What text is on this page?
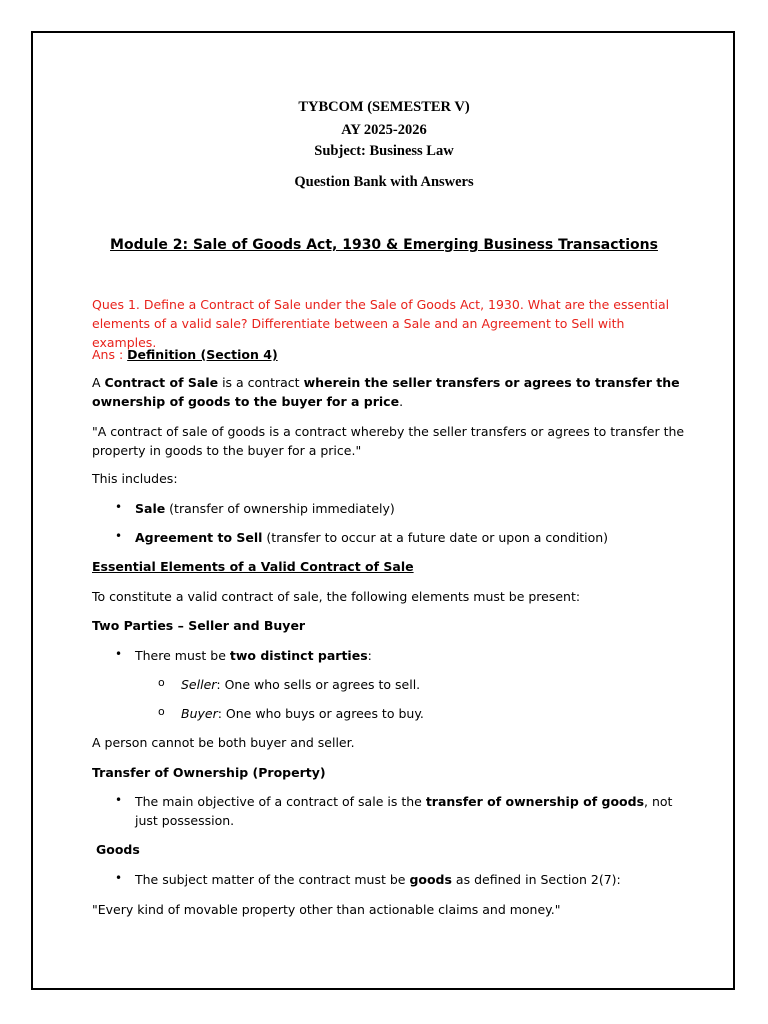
TYBCOM (SEMESTER V)
AY 2025-2026
Subject: Business Law
Question Bank with Answers
Module 2: Sale of Goods Act, 1930 & Emerging Business Transactions
Ques 1. Define a Contract of Sale under the Sale of Goods Act, 1930. What are the essential elements of a valid sale? Differentiate between a Sale and an Agreement to Sell with examples.
Ans : Definition (Section 4)
A Contract of Sale is a contract wherein the seller transfers or agrees to transfer the ownership of goods to the buyer for a price.
"A contract of sale of goods is a contract whereby the seller transfers or agrees to transfer the property in goods to the buyer for a price."
This includes:
• Sale (transfer of ownership immediately)
• Agreement to Sell (transfer to occur at a future date or upon a condition)
Essential Elements of a Valid Contract of Sale
To constitute a valid contract of sale, the following elements must be present:
Two Parties – Seller and Buyer
• There must be two distinct parties:
o Seller: One who sells or agrees to sell.
o Buyer: One who buys or agrees to buy.
A person cannot be both buyer and seller.
Transfer of Ownership (Property)
• The main objective of a contract of sale is the transfer of ownership of goods, not just possession.
Goods
• The subject matter of the contract must be goods as defined in Section 2(7):
"Every kind of movable property other than actionable claims and money."
